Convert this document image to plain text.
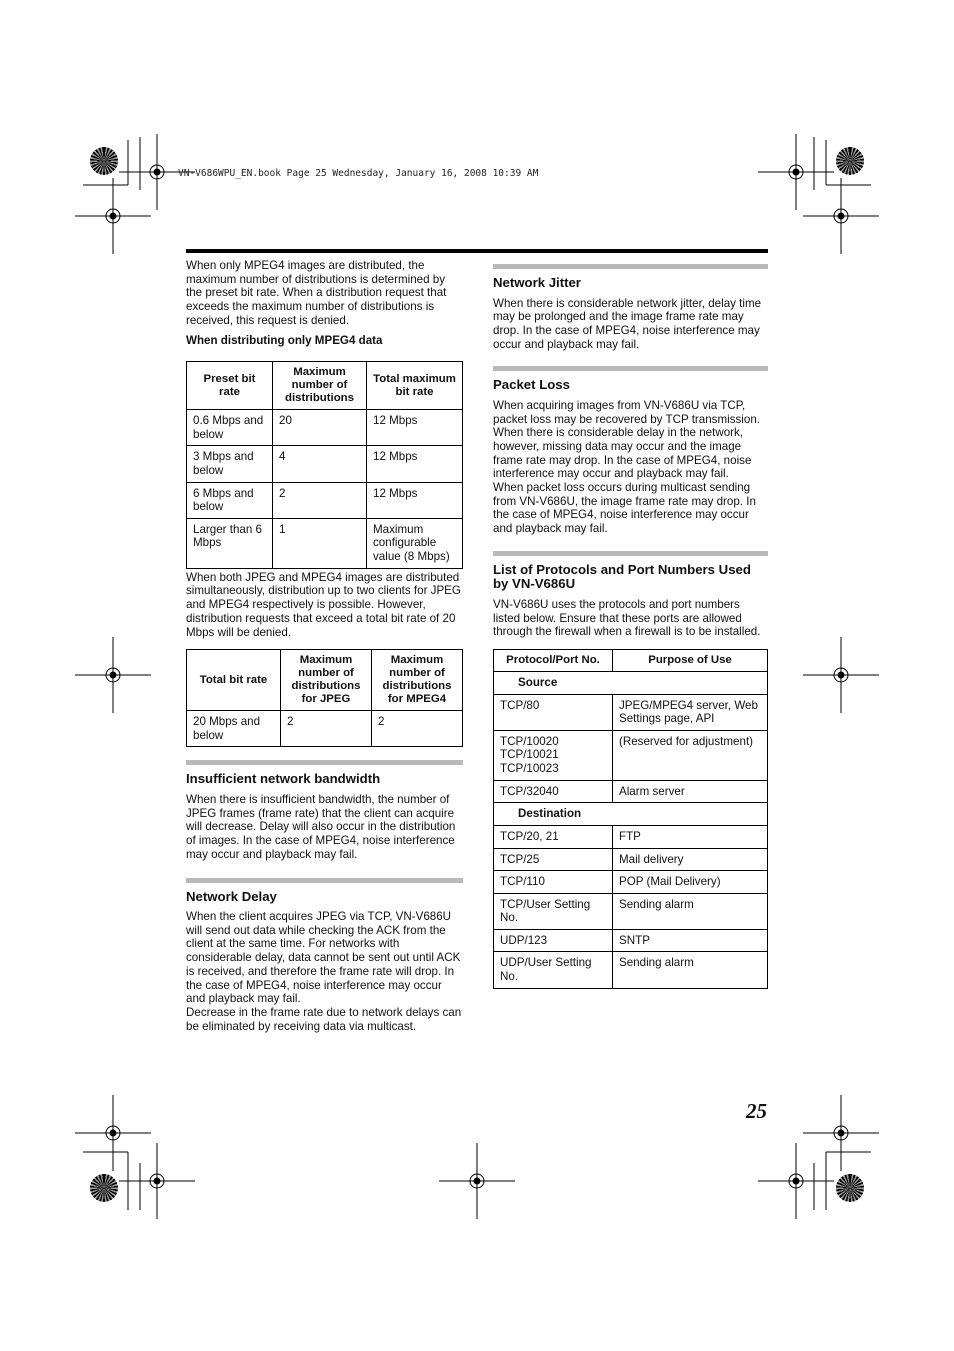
VN-V686WPU_EN.book Page 25 Wednesday, January 16, 2008 10:39 AM

When only MPEG4 images are distributed, the maximum number of distributions is determined by the preset bit rate. When a distribution request that exceeds the maximum number of distributions is received, this request is denied.

When distributing only MPEG4 data
Preset bit rate	Maximum number of distributions	Total maximum bit rate
0.6 Mbps and below	20	12 Mbps
3 Mbps and below	4	12 Mbps
6 Mbps and below	2	12 Mbps
Larger than 6 Mbps	1	Maximum configurable value (8 Mbps)

When both JPEG and MPEG4 images are distributed simultaneously, distribution up to two clients for JPEG and MPEG4 respectively is possible. However, distribution requests that exceed a total bit rate of 20 Mbps will be denied.

Total bit rate	Maximum number of distributions for JPEG	Maximum number of distributions for MPEG4
20 Mbps and below	2	2
Insufficient network bandwidth

When there is insufficient bandwidth, the number of JPEG frames (frame rate) that the client can acquire will decrease. Delay will also occur in the distribution of images. In the case of MPEG4, noise interference may occur and playback may fail.

Network Delay

When the client acquires JPEG via TCP, VN-V686U will send out data while checking the ACK from the client at the same time. For networks with considerable delay, data cannot be sent out until ACK is received, and therefore the frame rate will drop. In the case of MPEG4, noise interference may occur and playback may fail.

Decrease in the frame rate due to network delays can be eliminated by receiving data via multicast.

Network Jitter

When there is considerable network jitter, delay time may be prolonged and the image frame rate may drop. In the case of MPEG4, noise interference may occur and playback may fail.

Packet Loss

When acquiring images from VN-V686U via TCP, packet loss may be recovered by TCP transmission. When there is considerable delay in the network, however, missing data may occur and the image frame rate may drop. In the case of MPEG4, noise interference may occur and playback may fail.

When packet loss occurs during multicast sending from VN-V686U, the image frame rate may drop. In the case of MPEG4, noise interference may occur and playback may fail.

List of Protocols and Port Numbers Used by VN-V686U

VN-V686U uses the protocols and port numbers listed below. Ensure that these ports are allowed through the firewall when a firewall is to be installed.

Protocol/Port No.	Purpose of Use
Source	
TCP/80	JPEG/MPEG4 server, Web Settings page, API
TCP/10020
TCP/10021
TCP/10023	(Reserved for adjustment)
TCP/32040	Alarm server
Destination	
TCP/20, 21	FTP
TCP/25	Mail delivery
TCP/110	POP (Mail Delivery)
TCP/User Setting No.	Sending alarm
UDP/123	SNTP
UDP/User Setting No.	Sending alarm
25
